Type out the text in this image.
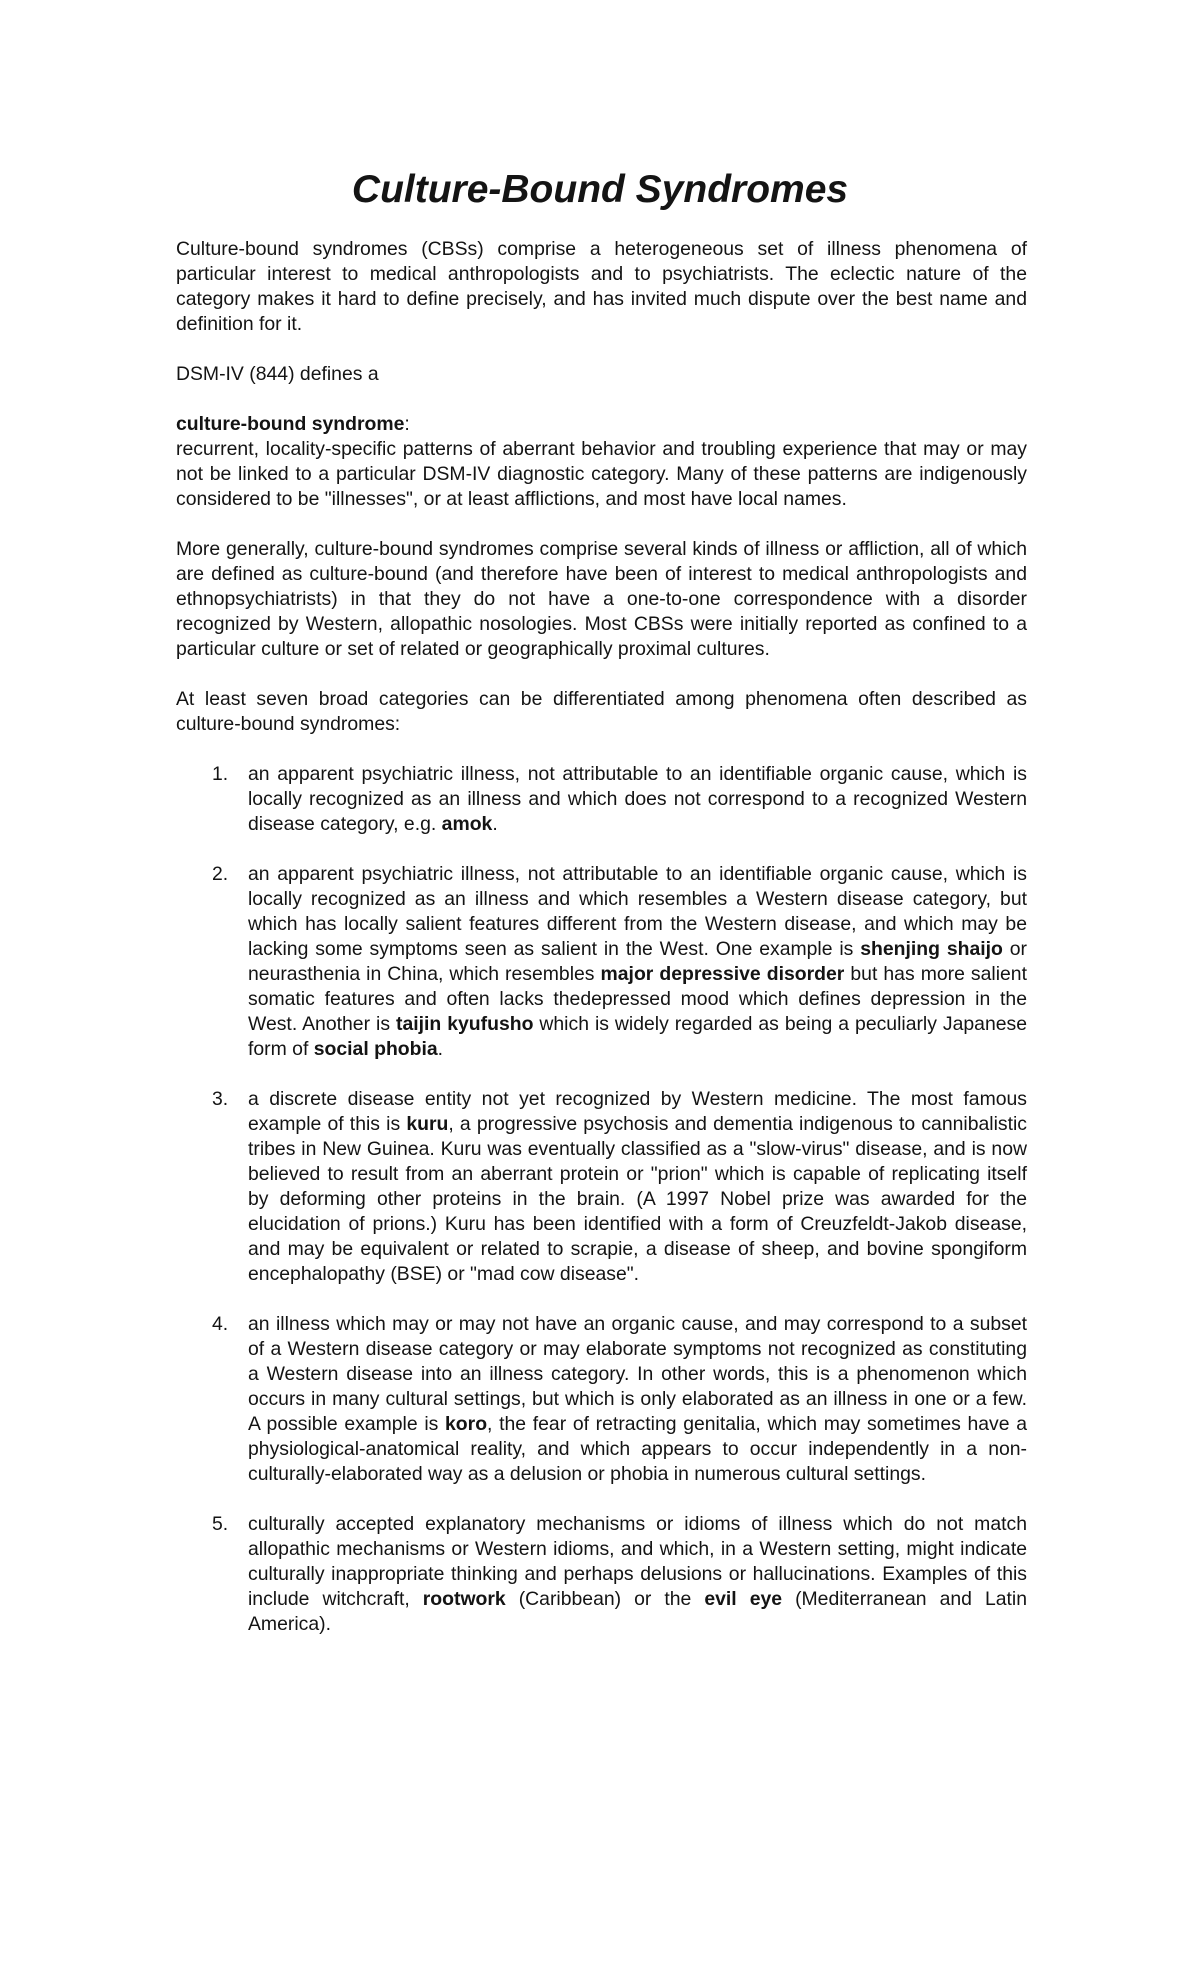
Culture-Bound Syndromes

Culture-bound syndromes (CBSs) comprise a heterogeneous set of illness phenomena of particular interest to medical anthropologists and to psychiatrists. The eclectic nature of the category makes it hard to define precisely, and has invited much dispute over the best name and definition for it.

DSM-IV (844) defines a

culture-bound syndrome:

recurrent, locality-specific patterns of aberrant behavior and troubling experience that may or may not be linked to a particular DSM-IV diagnostic category. Many of these patterns are indigenously considered to be "illnesses", or at least afflictions, and most have local names.

More generally, culture-bound syndromes comprise several kinds of illness or affliction, all of which are defined as culture-bound (and therefore have been of interest to medical anthropologists and ethnopsychiatrists) in that they do not have a one-to-one correspondence with a disorder recognized by Western, allopathic nosologies. Most CBSs were initially reported as confined to a particular culture or set of related or geographically proximal cultures.

At least seven broad categories can be differentiated among phenomena often described as culture-bound syndromes:

1. an apparent psychiatric illness, not attributable to an identifiable organic cause, which is locally recognized as an illness and which does not correspond to a recognized Western disease category, e.g. amok.
2. an apparent psychiatric illness, not attributable to an identifiable organic cause, which is locally recognized as an illness and which resembles a Western disease category, but which has locally salient features different from the Western disease, and which may be lacking some symptoms seen as salient in the West. One example is shenjing shaijo or neurasthenia in China, which resembles major depressive disorder but has more salient somatic features and often lacks thedepressed mood which defines depression in the West. Another is taijin kyufusho which is widely regarded as being a peculiarly Japanese form of social phobia.
3. a discrete disease entity not yet recognized by Western medicine. The most famous example of this is kuru, a progressive psychosis and dementia indigenous to cannibalistic tribes in New Guinea. Kuru was eventually classified as a "slow-virus" disease, and is now believed to result from an aberrant protein or "prion" which is capable of replicating itself by deforming other proteins in the brain. (A 1997 Nobel prize was awarded for the elucidation of prions.) Kuru has been identified with a form of Creuzfeldt-Jakob disease, and may be equivalent or related to scrapie, a disease of sheep, and bovine spongiform encephalopathy (BSE) or "mad cow disease".
4. an illness which may or may not have an organic cause, and may correspond to a subset of a Western disease category or may elaborate symptoms not recognized as constituting a Western disease into an illness category. In other words, this is a phenomenon which occurs in many cultural settings, but which is only elaborated as an illness in one or a few. A possible example is koro, the fear of retracting genitalia, which may sometimes have a physiological-anatomical reality, and which appears to occur independently in a non-culturally-elaborated way as a delusion or phobia in numerous cultural settings.
5. culturally accepted explanatory mechanisms or idioms of illness which do not match allopathic mechanisms or Western idioms, and which, in a Western setting, might indicate culturally inappropriate thinking and perhaps delusions or hallucinations. Examples of this include witchcraft, rootwork (Caribbean) or the evil eye (Mediterranean and Latin America).
